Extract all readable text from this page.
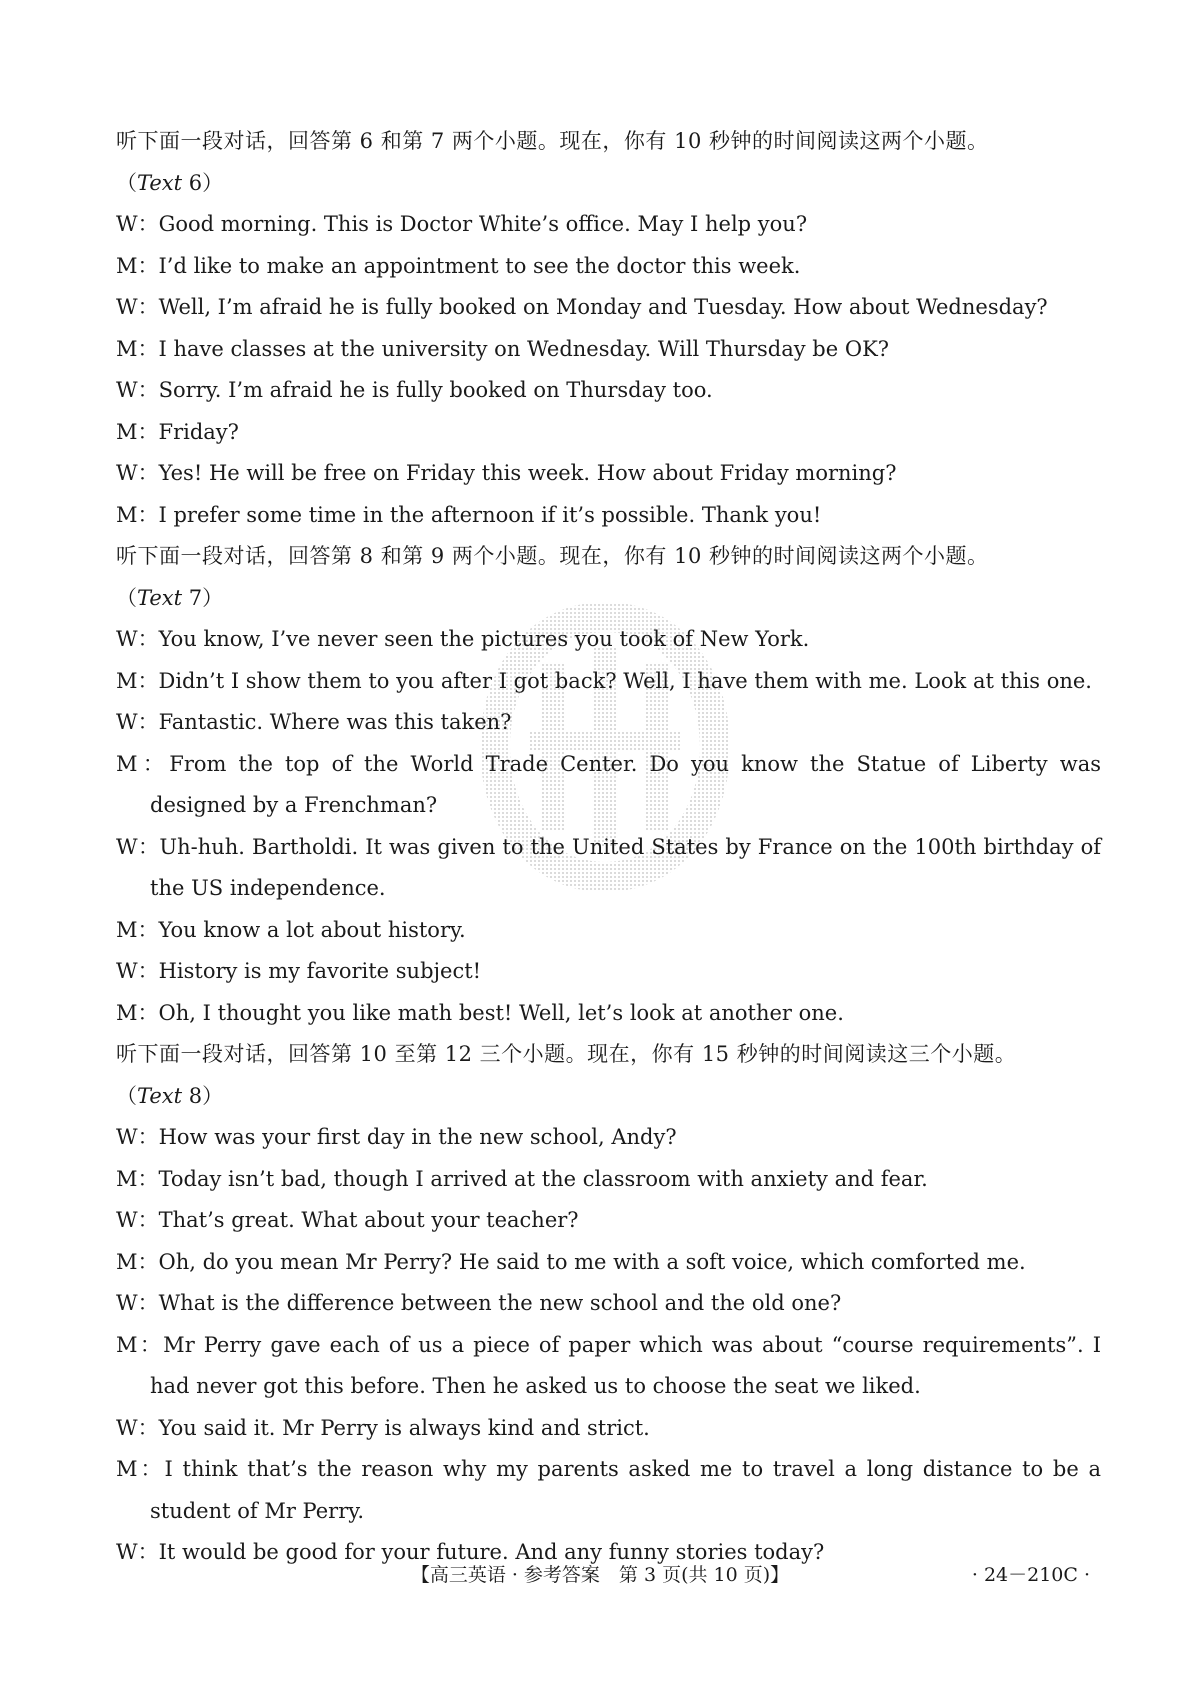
听下面一段对话，回答第 6 和第 7 两个小题。现在，你有 10 秒钟的时间阅读这两个小题。
（Text 6）
W：Good morning. This is Doctor White’s office. May I help you?
M：I’d like to make an appointment to see the doctor this week.
W：Well, I’m afraid he is fully booked on Monday and Tuesday. How about Wednesday?
M：I have classes at the university on Wednesday. Will Thursday be OK?
W：Sorry. I’m afraid he is fully booked on Thursday too.
M：Friday?
W：Yes! He will be free on Friday this week. How about Friday morning?
M：I prefer some time in the afternoon if it’s possible. Thank you!
听下面一段对话，回答第 8 和第 9 两个小题。现在，你有 10 秒钟的时间阅读这两个小题。
（Text 7）
W：You know, I’ve never seen the pictures you took of New York.
M：Didn’t I show them to you after I got back? Well, I have them with me. Look at this one.
W：Fantastic. Where was this taken?
M：From the top of the World Trade Center. Do you know the Statue of Liberty was designed by a Frenchman?
W：Uh-huh. Bartholdi. It was given to the United States by France on the 100th birthday of the US independence.
M：You know a lot about history.
W：History is my favorite subject!
M：Oh, I thought you like math best! Well, let’s look at another one.
听下面一段对话，回答第 10 至第 12 三个小题。现在，你有 15 秒钟的时间阅读这三个小题。
（Text 8）
W：How was your first day in the new school, Andy?
M：Today isn’t bad, though I arrived at the classroom with anxiety and fear.
W：That’s great. What about your teacher?
M：Oh, do you mean Mr Perry? He said to me with a soft voice, which comforted me.
W：What is the difference between the new school and the old one?
M：Mr Perry gave each of us a piece of paper which was about “course requirements”. I had never got this before. Then he asked us to choose the seat we liked.
W：You said it. Mr Perry is always kind and strict.
M：I think that’s the reason why my parents asked me to travel a long distance to be a student of Mr Perry.
W：It would be good for your future. And any funny stories today?
【高三英语 · 参考答案　第 3 页(共 10 页)】	· 24－210C ·
